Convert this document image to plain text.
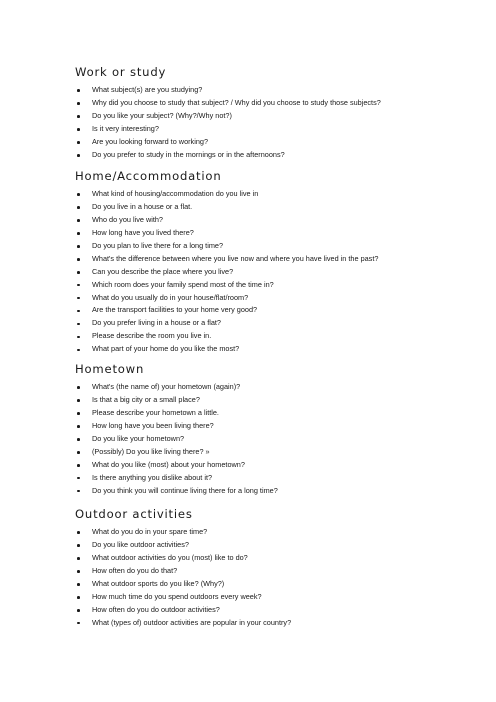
Work or study
What subject(s) are you studying?
Why did you choose to study that subject? / Why did you choose to study those subjects?
Do you like your subject? (Why?/Why not?)
Is it very interesting?
Are you looking forward to working?
Do you prefer to study in the mornings or in the afternoons?
Home/Accommodation
What kind of housing/accommodation do you live in
Do you live in a house or a flat.
Who do you live with?
How long have you lived there?
Do you plan to live there for a long time?
What's the difference between where you live now and where you have lived in the past?
Can you describe the place where you live?
Which room does your family spend most of the time in?
What do you usually do in your house/flat/room?
Are the transport facilities to your home very good?
Do you prefer living in a house or a flat?
Please describe the room you live in.
What part of your home do you like the most?
Hometown
What's (the name of) your hometown (again)?
Is that a big city or a small place?
Please describe your hometown a little.
How long have you been living there?
Do you like your hometown?
(Possibly) Do you like living there? »
What do you like (most) about your hometown?
Is there anything you dislike about it?
Do you think you will continue living there for a long time?
Outdoor activities
What do you do in your spare time?
Do you like outdoor activities?
What outdoor activities do you (most) like to do?
How often do you do that?
What outdoor sports do you like? (Why?)
How much time do you spend outdoors every week?
How often do you do outdoor activities?
What (types of) outdoor activities are popular in your country?
